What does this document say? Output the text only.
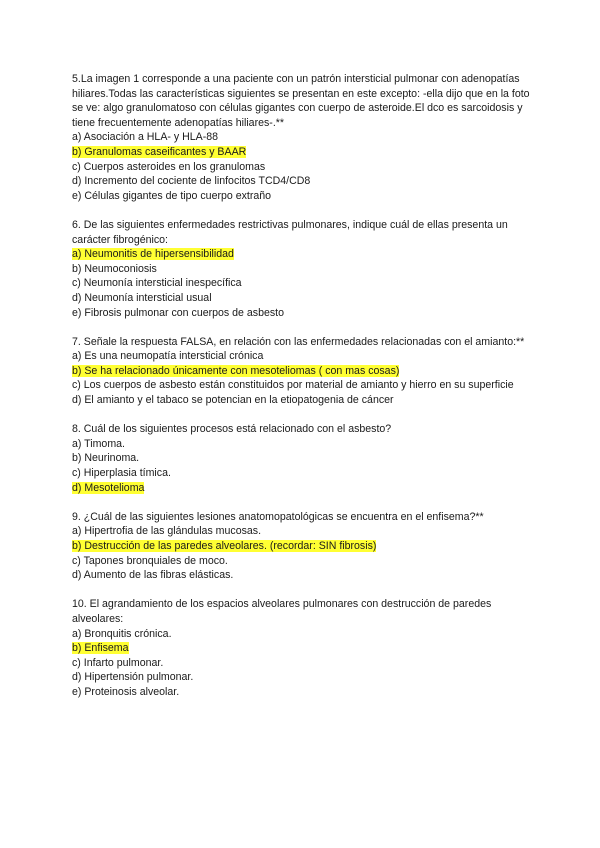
5.La imagen 1 corresponde a una paciente con un patrón intersticial pulmonar con adenopatías hiliares.Todas las características siguientes se presentan en este excepto: -ella dijo que en la foto se ve: algo granulomatoso con células gigantes con cuerpo de asteroide.El dco es sarcoidosis y tiene frecuentemente adenopatías hiliares-.**
a) Asociación a HLA- y HLA-88
b) Granulomas caseificantes y BAAR
c) Cuerpos asteroides en los granulomas
d) Incremento del cociente de linfocitos TCD4/CD8
e) Células gigantes de tipo cuerpo extraño
6. De las siguientes enfermedades restrictivas pulmonares, indique cuál de ellas presenta un carácter fibrogénico:
a) Neumonitis de hipersensibilidad
b) Neumoconiosis
c) Neumonía intersticial inespecífica
d) Neumonía intersticial usual
e) Fibrosis pulmonar con cuerpos de asbesto
7. Señale la respuesta FALSA, en relación con las enfermedades relacionadas con el amianto:**
a) Es una neumopatía intersticial crónica
b) Se ha relacionado únicamente con mesoteliomas ( con mas cosas)
c) Los cuerpos de asbesto están constituidos por material de amianto y hierro en su superficie
d) El amianto y el tabaco se potencian en la etiopatogenia de cáncer
8. Cuál de los siguientes procesos está relacionado con el asbesto?
a) Timoma.
b) Neurinoma.
c) Hiperplasia tímica.
d) Mesotelioma
9. ¿Cuál de las siguientes lesiones anatomopatológicas se encuentra en el enfisema?**
a) Hipertrofia de las glándulas mucosas.
b) Destrucción de las paredes alveolares. (recordar: SIN fibrosis)
c) Tapones bronquiales de moco.
d) Aumento de las fibras elásticas.
10. El agrandamiento de los espacios alveolares pulmonares con destrucción de paredes alveolares:
a) Bronquitis crónica.
b) Enfisema
c) Infarto pulmonar.
d) Hipertensión pulmonar.
e) Proteinosis alveolar.
